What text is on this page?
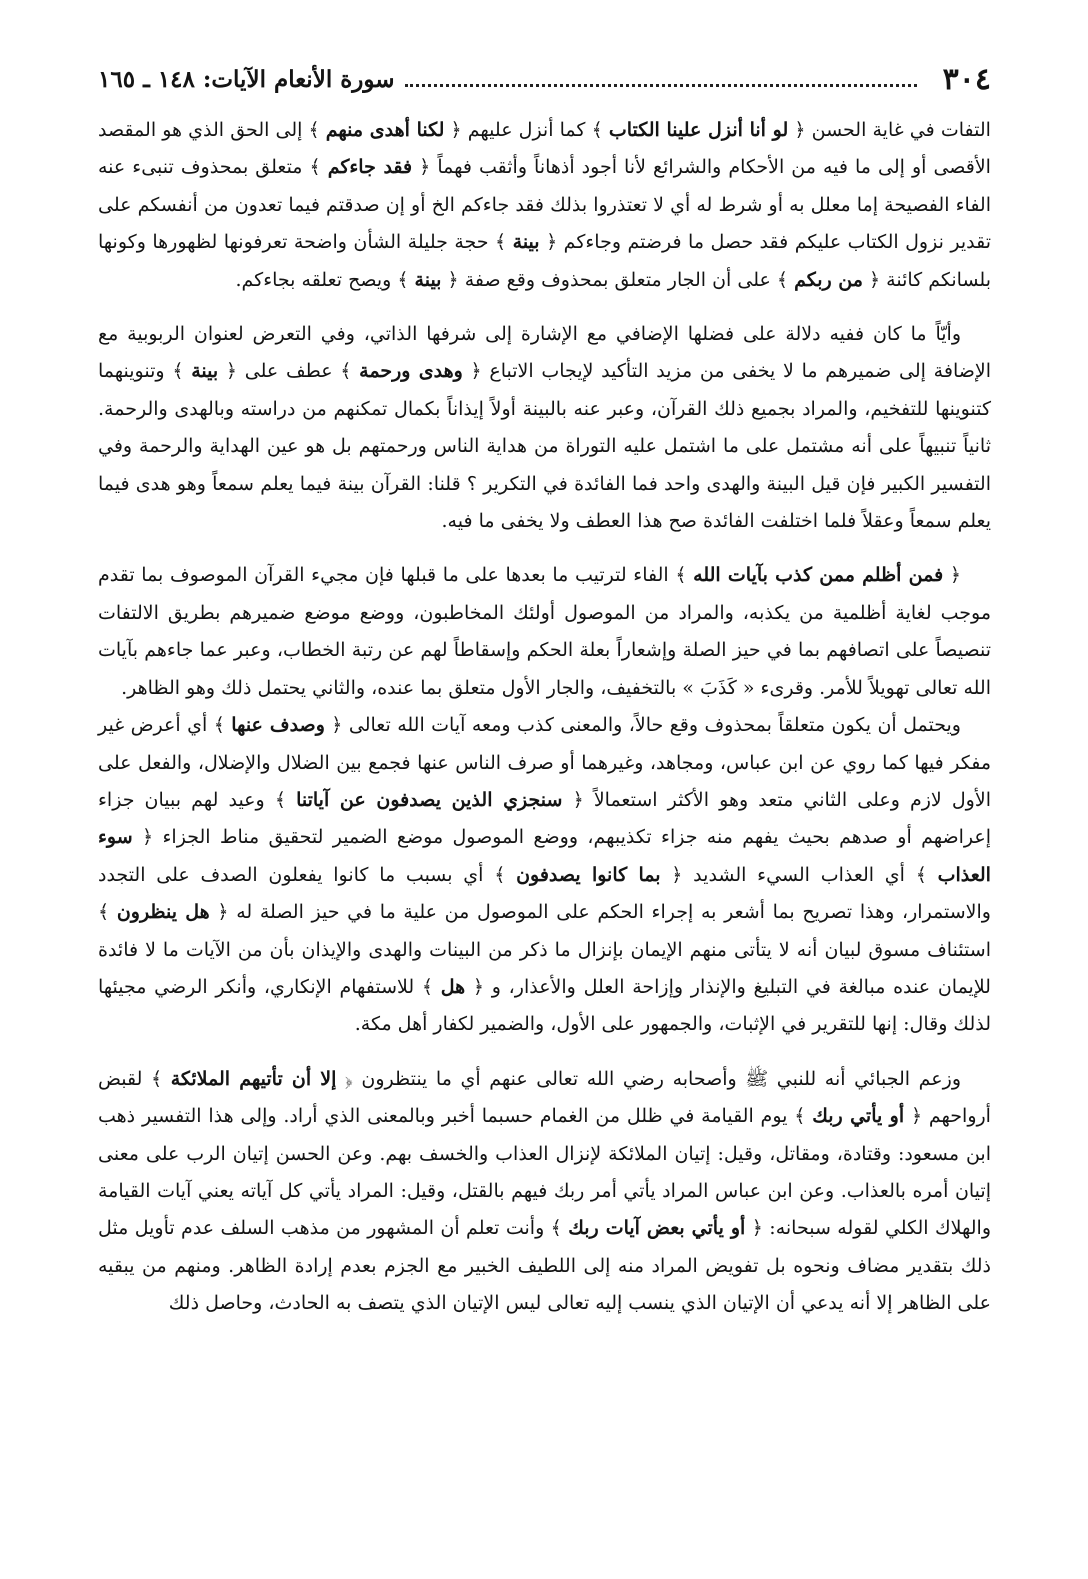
٣٠٤
سورة الأنعام الآيات: ١٤٨ ـ ١٦٥

التفات في غاية الحسن ﴿ لو أنا أنزل علينا الكتاب ﴾ كما أنزل عليهم ﴿ لكنا أهدى منهم ﴾ إلى الحق الذي هو المقصد الأقصى أو إلى ما فيه من الأحكام والشرائع لأنا أجود أذهاناً وأثقب فهماً ﴿ فقد جاءكم ﴾ متعلق بمحذوف تنبىء عنه الفاء الفصيحة إما معلل به أو شرط له أي لا تعتذروا بذلك فقد جاءكم الخ أو إن صدقتم فيما تعدون من أنفسكم على تقدير نزول الكتاب عليكم فقد حصل ما فرضتم وجاءكم ﴿ بينة ﴾ حجة جليلة الشأن واضحة تعرفونها لظهورها وكونها بلسانكم كائنة ﴿ من ربكم ﴾ على أن الجار متعلق بمحذوف وقع صفة ﴿ بينة ﴾ ويصح تعلقه بجاءكم.

وأيّاً ما كان ففيه دلالة على فضلها الإضافي مع الإشارة إلى شرفها الذاتي، وفي التعرض لعنوان الربوبية مع الإضافة إلى ضميرهم ما لا يخفى من مزيد التأكيد لإيجاب الاتباع ﴿ وهدى ورحمة ﴾ عطف على ﴿ بينة ﴾ وتنوينهما كتنوينها للتفخيم، والمراد بجميع ذلك القرآن، وعبر عنه بالبينة أولاً إيذاناً بكمال تمكنهم من دراسته وبالهدى والرحمة. ثانياً تنبيهاً على أنه مشتمل على ما اشتمل عليه التوراة من هداية الناس ورحمتهم بل هو عين الهداية والرحمة وفي التفسير الكبير فإن قيل البينة والهدى واحد فما الفائدة في التكرير ؟ قلنا: القرآن بينة فيما يعلم سمعاً وهو هدى فيما يعلم سمعاً وعقلاً فلما اختلفت الفائدة صح هذا العطف ولا يخفى ما فيه.

﴿ فمن أظلم ممن كذب بآيات الله ﴾ الفاء لترتيب ما بعدها على ما قبلها فإن مجيء القرآن الموصوف بما تقدم موجب لغاية أظلمية من يكذبه، والمراد من الموصول أولئك المخاطبون، ووضع موضع ضميرهم بطريق الالتفات تنصيصاً على اتصافهم بما في حيز الصلة وإشعاراً بعلة الحكم وإسقاطاً لهم عن رتبة الخطاب، وعبر عما جاءهم بآيات الله تعالى تهويلاً للأمر. وقرىء « كَذَبَ » بالتخفيف، والجار الأول متعلق بما عنده، والثاني يحتمل ذلك وهو الظاهر.

ويحتمل أن يكون متعلقاً بمحذوف وقع حالاً، والمعنى كذب ومعه آيات الله تعالى ﴿ وصدف عنها ﴾ أي أعرض غير مفكر فيها كما روي عن ابن عباس، ومجاهد، وغيرهما أو صرف الناس عنها فجمع بين الضلال والإضلال، والفعل على الأول لازم وعلى الثاني متعد وهو الأكثر استعمالاً ﴿ سنجزي الذين يصدفون عن آياتنا ﴾ وعيد لهم ببيان جزاء إعراضهم أو صدهم بحيث يفهم منه جزاء تكذيبهم، ووضع الموصول موضع الضمير لتحقيق مناط الجزاء ﴿ سوء العذاب ﴾ أي العذاب السيء الشديد ﴿ بما كانوا يصدفون ﴾ أي بسبب ما كانوا يفعلون الصدف على التجدد والاستمرار، وهذا تصريح بما أشعر به إجراء الحكم على الموصول من علية ما في حيز الصلة له ﴿ هل ينظرون ﴾ استئناف مسوق لبيان أنه لا يتأتى منهم الإيمان بإنزال ما ذكر من البينات والهدى والإيذان بأن من الآيات ما لا فائدة للإيمان عنده مبالغة في التبليغ والإنذار وإزاحة العلل والأعذار، و ﴿ هل ﴾ للاستفهام الإنكاري، وأنكر الرضي مجيئها لذلك وقال: إنها للتقرير في الإثبات، والجمهور على الأول، والضمير لكفار أهل مكة.

وزعم الجبائي أنه للنبي ﷺ وأصحابه رضي الله تعالى عنهم أي ما ينتظرون ﴿ إلا أن تأتيهم الملائكة ﴾ لقبض أرواحهم ﴿ أو يأتي ربك ﴾ يوم القيامة في ظلل من الغمام حسبما أخبر وبالمعنى الذي أراد. وإلى هذا التفسير ذهب ابن مسعود: وقتادة، ومقاتل، وقيل: إتيان الملائكة لإنزال العذاب والخسف بهم. وعن الحسن إتيان الرب على معنى إتيان أمره بالعذاب. وعن ابن عباس المراد يأتي أمر ربك فيهم بالقتل، وقيل: المراد يأتي كل آياته يعني آيات القيامة والهلاك الكلي لقوله سبحانه: ﴿ أو يأتي بعض آيات ربك ﴾ وأنت تعلم أن المشهور من مذهب السلف عدم تأويل مثل ذلك بتقدير مضاف ونحوه بل تفويض المراد منه إلى اللطيف الخبير مع الجزم بعدم إرادة الظاهر. ومنهم من يبقيه على الظاهر إلا أنه يدعي أن الإتيان الذي ينسب إليه تعالى ليس الإتيان الذي يتصف به الحادث، وحاصل ذلك
